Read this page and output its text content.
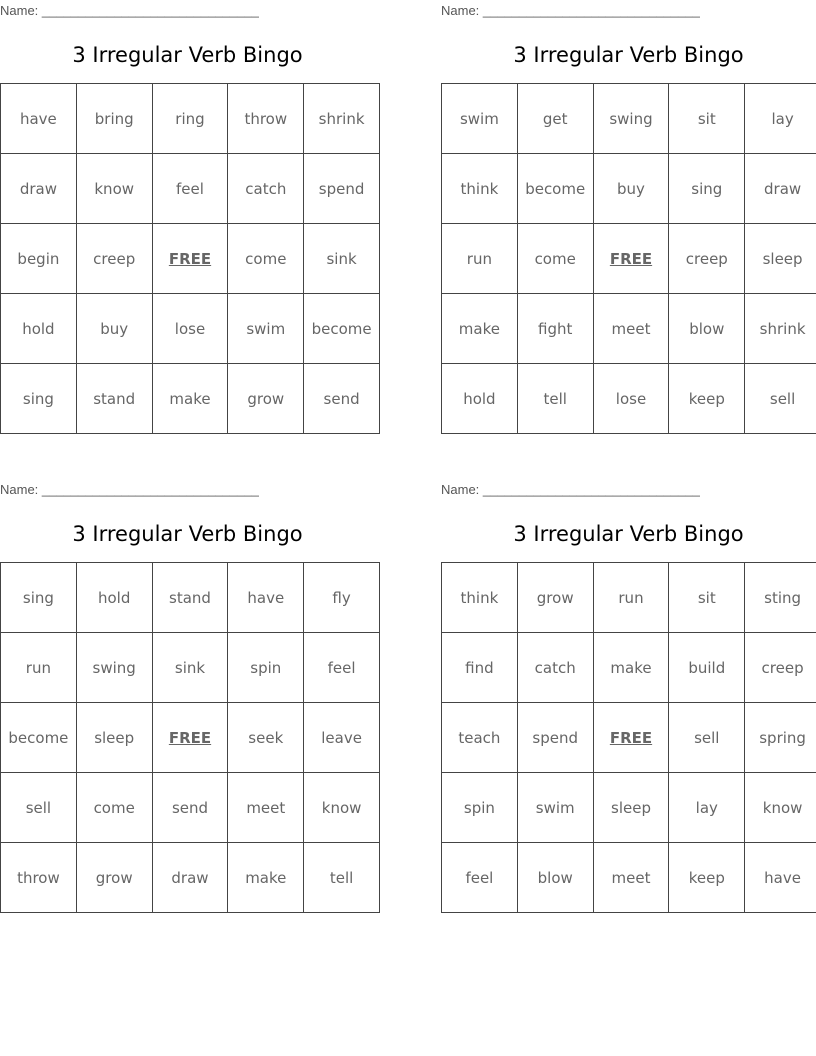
Name: ______________________________
3 Irregular Verb Bingo
have	bring	ring	throw	shrink
draw	know	feel	catch	spend
begin	creep	FREE	come	sink
hold	buy	lose	swim	become
sing	stand	make	grow	send
Name: ______________________________
3 Irregular Verb Bingo
swim	get	swing	sit	lay
think	become	buy	sing	draw
run	come	FREE	creep	sleep
make	fight	meet	blow	shrink
hold	tell	lose	keep	sell
Name: ______________________________
3 Irregular Verb Bingo
sing	hold	stand	have	fly
run	swing	sink	spin	feel
become	sleep	FREE	seek	leave
sell	come	send	meet	know
throw	grow	draw	make	tell
Name: ______________________________
3 Irregular Verb Bingo
think	grow	run	sit	sting
find	catch	make	build	creep
teach	spend	FREE	sell	spring
spin	swim	sleep	lay	know
feel	blow	meet	keep	have
